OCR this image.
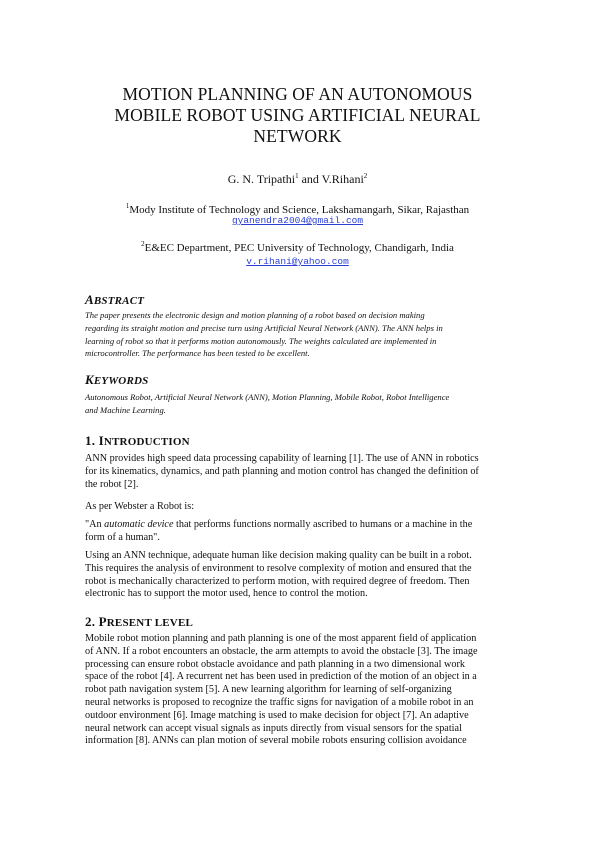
MOTION PLANNING OF AN AUTONOMOUS
MOBILE ROBOT USING ARTIFICIAL NEURAL
NETWORK
G. N. Tripathi$^1$ and V.Rihani$^2$
$^1$Mody Institute of Technology and Science, Lakshamangarh, Sikar, Rajasthan
gyanendra2004@gmail.com
$^2$E&EC Department, PEC University of Technology, Chandigarh, India
v.rihani@yahoo.com
ABSTRACT
The paper presents the electronic design and motion planning of a robot based on decision making
regarding its straight motion and precise turn using Artificial Neural Network (ANN). The ANN helps in
learning of robot so that it performs motion autonomously. The weights calculated are implemented in
microcontroller. The performance has been tested to be excellent.
KEYWORDS
Autonomous Robot, Artificial Neural Network (ANN), Motion Planning, Mobile Robot, Robot Intelligence
and Machine Learning.
1. INTRODUCTION
ANN provides high speed data processing capability of learning [1]. The use of ANN in robotics
for its kinematics, dynamics, and path planning and motion control has changed the definition of
the robot [2].
As per Webster a Robot is:
"An automatic device that performs functions normally ascribed to humans or a machine in the
form of a human".
Using an ANN technique, adequate human like decision making quality can be built in a robot.
This requires the analysis of environment to resolve complexity of motion and ensured that the
robot is mechanically characterized to perform motion, with required degree of freedom. Then
electronic has to support the motor used, hence to control the motion.
2. PRESENT LEVEL
Mobile robot motion planning and path planning is one of the most apparent field of application
of ANN. If a robot encounters an obstacle, the arm attempts to avoid the obstacle [3]. The image
processing can ensure robot obstacle avoidance and path planning in a two dimensional work
space of the robot [4]. A recurrent net has been used in prediction of the motion of an object in a
robot path navigation system [5]. A new learning algorithm for learning of self-organizing
neural networks is proposed to recognize the traffic signs for navigation of a mobile robot in an
outdoor environment [6]. Image matching is used to make decision for object [7]. An adaptive
neural network can accept visual signals as inputs directly from visual sensors for the spatial
information [8]. ANNs can plan motion of several mobile robots ensuring collision avoidance
